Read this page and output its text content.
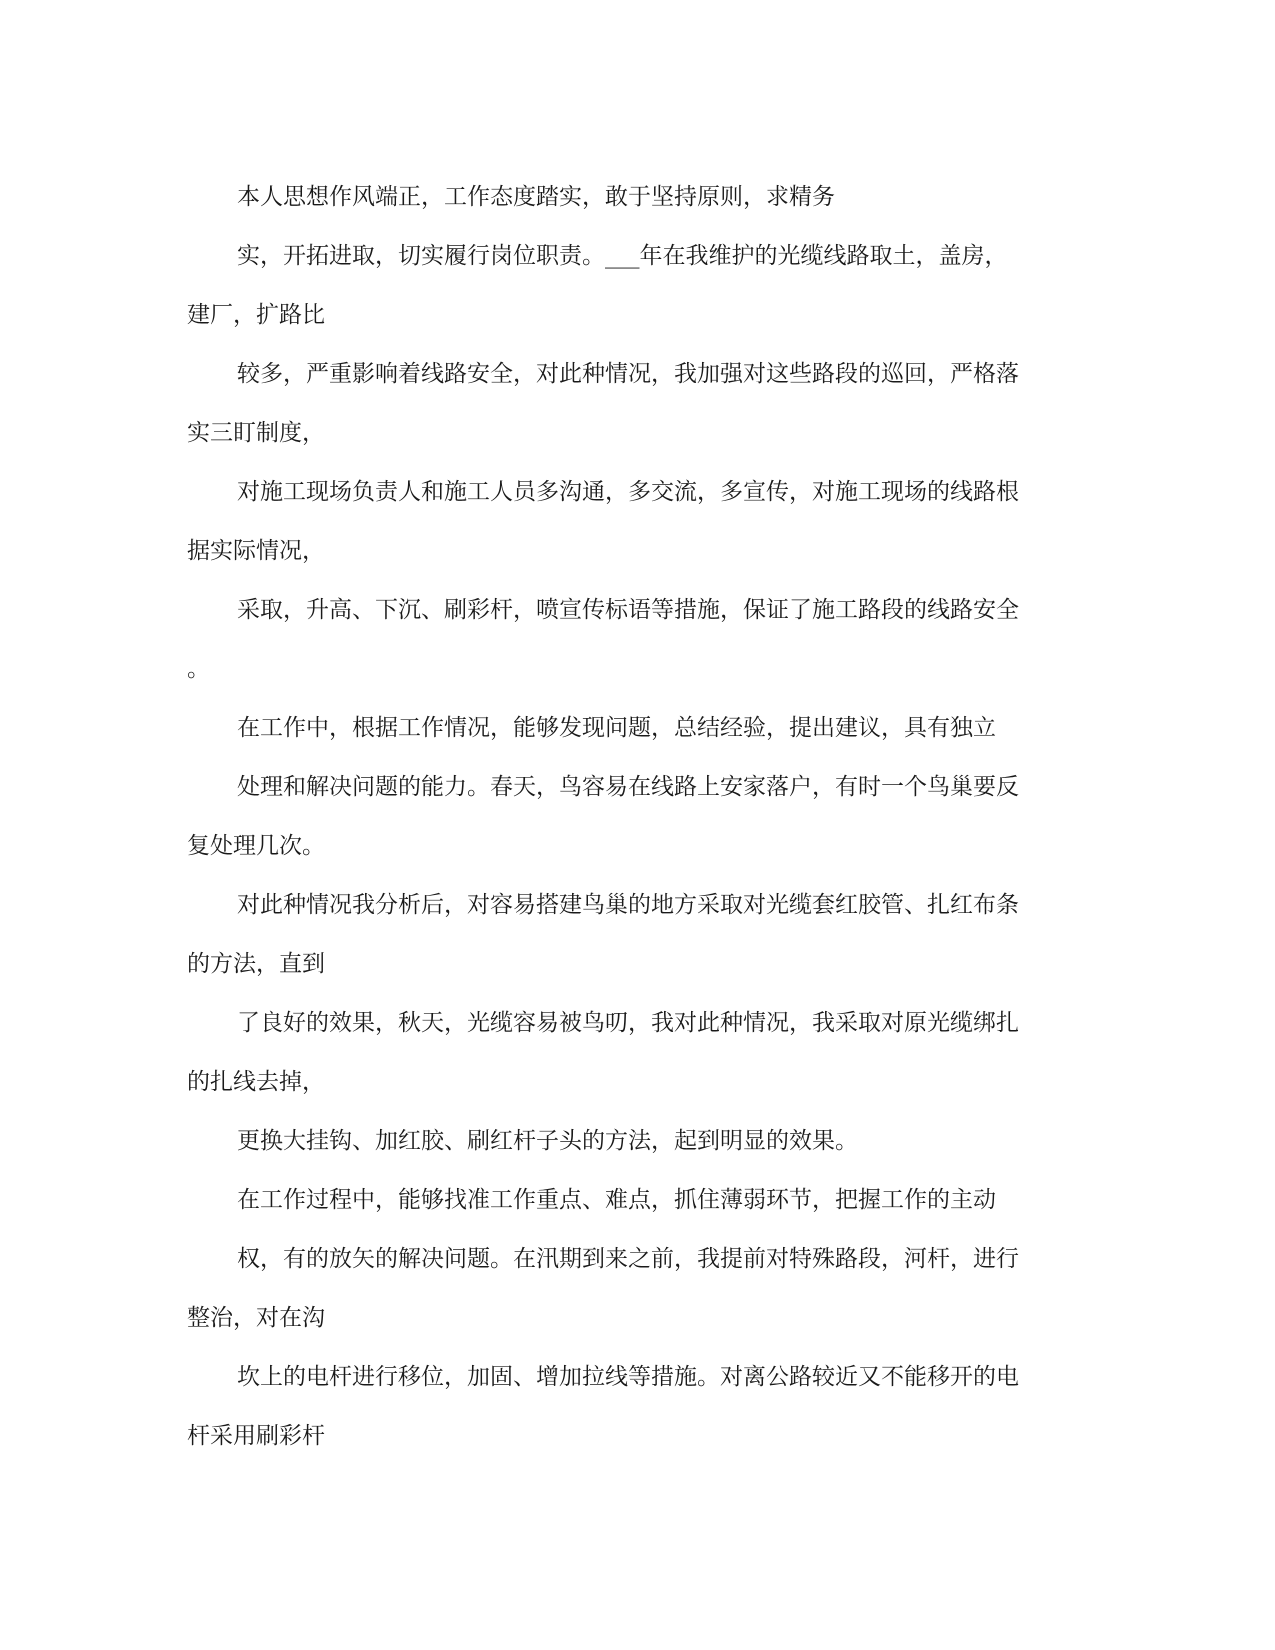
本人思想作风端正，工作态度踏实，敢于坚持原则，求精务
实，开拓进取，切实履行岗位职责。___年在我维护的光缆线路取土，盖房，
建厂，扩路比
较多，严重影响着线路安全，对此种情况，我加强对这些路段的巡回，严格落
实三盯制度，
对施工现场负责人和施工人员多沟通，多交流，多宣传，对施工现场的线路根
据实际情况，
采取，升高、下沉、刷彩杆，喷宣传标语等措施，保证了施工路段的线路安全
。
在工作中，根据工作情况，能够发现问题，总结经验，提出建议，具有独立
处理和解决问题的能力。春天，鸟容易在线路上安家落户，有时一个鸟巢要反
复处理几次。
对此种情况我分析后，对容易搭建鸟巢的地方采取对光缆套红胶管、扎红布条
的方法，直到
了良好的效果，秋天，光缆容易被鸟叨，我对此种情况，我采取对原光缆绑扎
的扎线去掉，
更换大挂钩、加红胶、刷红杆子头的方法，起到明显的效果。
在工作过程中，能够找准工作重点、难点，抓住薄弱环节，把握工作的主动
权，有的放矢的解决问题。在汛期到来之前，我提前对特殊路段，河杆，进行
整治，对在沟
坎上的电杆进行移位，加固、增加拉线等措施。对离公路较近又不能移开的电
杆采用刷彩杆
